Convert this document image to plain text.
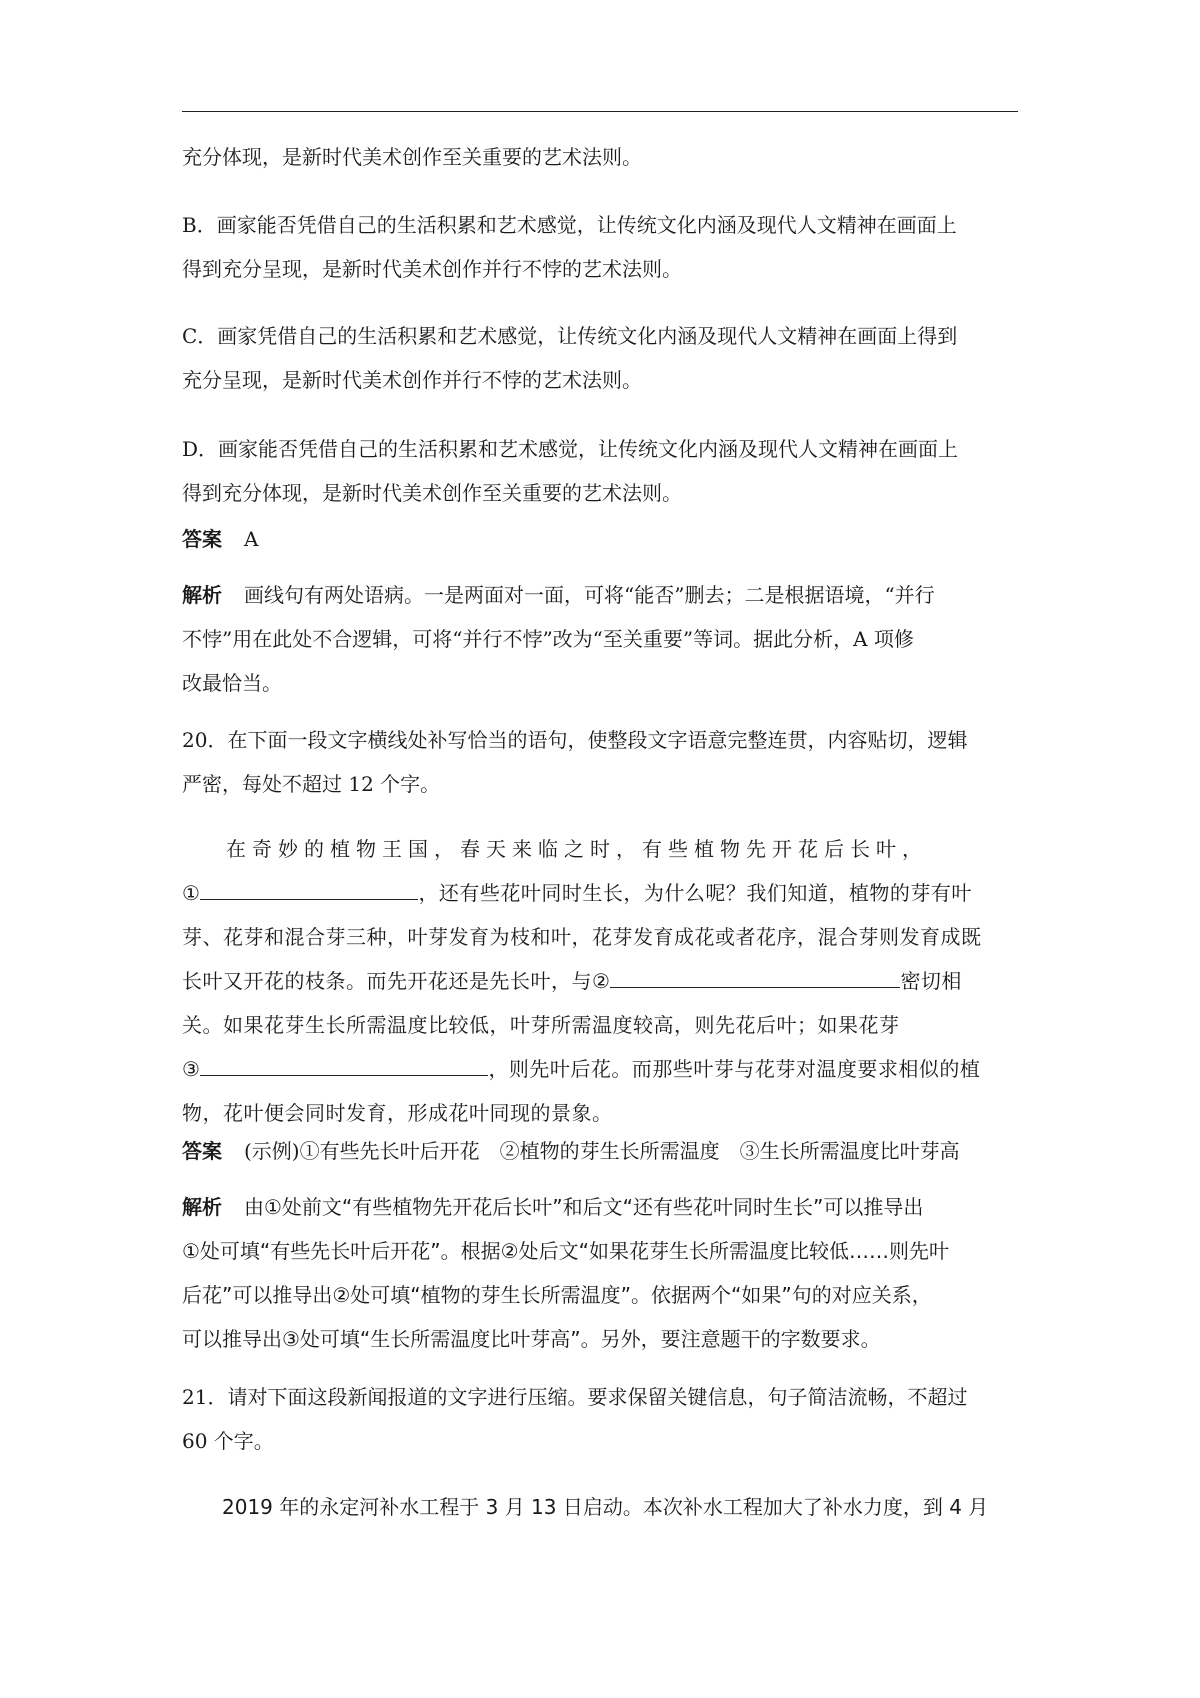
充分体现，是新时代美术创作至关重要的艺术法则。

B．画家能否凭借自己的生活积累和艺术感觉，让传统文化内涵及现代人文精神在画面上
得到充分呈现，是新时代美术创作并行不悖的艺术法则。

C．画家凭借自己的生活积累和艺术感觉，让传统文化内涵及现代人文精神在画面上得到
充分呈现，是新时代美术创作并行不悖的艺术法则。

D．画家能否凭借自己的生活积累和艺术感觉，让传统文化内涵及现代人文精神在画面上
得到充分体现，是新时代美术创作至关重要的艺术法则。

答案 A

解析 画线句有两处语病。一是两面对一面，可将“能否”删去；二是根据语境，“并行
不悖”用在此处不合逻辑，可将“并行不悖”改为“至关重要”等词。据此分析，A 项修
改最恰当。

20．在下面一段文字横线处补写恰当的语句，使整段文字语意完整连贯，内容贴切，逻辑
严密，每处不超过 12 个字。

在奇妙的植物王国，春天来临之时，有些植物先开花后长叶，
①	，还有些花叶同时生长，为什么呢？我们知道，植物的芽有叶
芽、花芽和混合芽三种，叶芽发育为枝和叶，花芽发育成花或者花序，混合芽则发育成既
长叶又开花的枝条。而先开花还是先长叶，与②	密切相
关。如果花芽生长所需温度比较低，叶芽所需温度较高，则先花后叶；如果花芽
③	，则先叶后花。而那些叶芽与花芽对温度要求相似的植
物，花叶便会同时发育，形成花叶同现的景象。

答案 (示例)①有些先长叶后开花　②植物的芽生长所需温度　③生长所需温度比叶芽高

解析 由①处前文“有些植物先开花后长叶”和后文“还有些花叶同时生长”可以推导出
①处可填“有些先长叶后开花”。根据②处后文“如果花芽生长所需温度比较低……则先叶
后花”可以推导出②处可填“植物的芽生长所需温度”。依据两个“如果”句的对应关系，
可以推导出③处可填“生长所需温度比叶芽高”。另外，要注意题干的字数要求。

21．请对下面这段新闻报道的文字进行压缩。要求保留关键信息，句子简洁流畅，不超过
60 个字。

2019 年的永定河补水工程于 3 月 13 日启动。本次补水工程加大了补水力度，到 4 月
